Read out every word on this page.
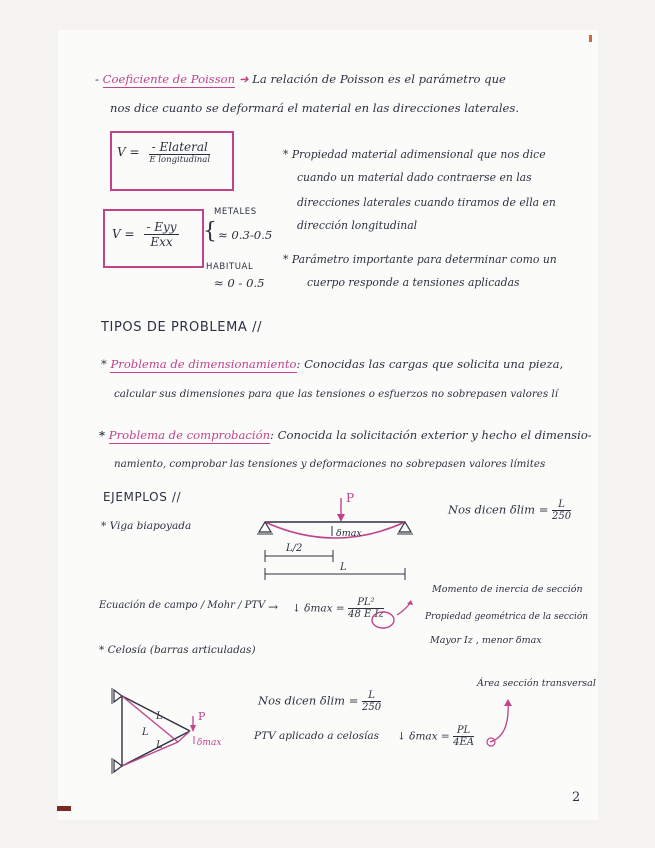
- Coeficiente de Poisson ➜ La relación de Poisson es el parámetro que
nos dice cuanto se deformará el material en las direcciones laterales.
$V = \frac{\text{- Elateral}}{\text{E longitudinal}}$
$V = \frac{\text{- Eyy}}{\text{Exx}}$
METALES
≈ 0.3-0.5
HABITUAL
≈ 0 - 0.5
{
* Propiedad material adimensional que nos dice
cuando un material dado contraerse en las
direcciones laterales cuando tiramos de ella en
dirección longitudinal
* Parámetro importante para determinar como un
cuerpo responde a tensiones aplicadas
TIPOS DE PROBLEMA //
* Problema de dimensionamiento: Conocidas las cargas que solicita una pieza,
calcular sus dimensiones para que las tensiones o esfuerzos no sobrepasen valores lí
* Problema de comprobación: Conocida la solicitación exterior y hecho el dimensio-
namiento, comprobar las tensiones y deformaciones no sobrepasen valores límites
EJEMPLOS //
* Viga biapoyada
P
δmax
L/2
L
Nos dicen $\delta\lim = \frac{L}{250}$
Ecuación de campo / Mohr / PTV → ↓ $\delta\max = \frac{\text{PL²}}{\text{48 E Iz}}$
Momento de inercia de sección
Propiedad geométrica de la sección
Mayor Iz , menor δmax
* Celosía (barras articuladas)
Área sección transversal
L
L
L
P
δmax
Nos dicen $\delta\lim = \frac{L}{250}$
PTV aplicado a celosías ↓ $\delta\max = \frac{PL}{4EA}$
2
